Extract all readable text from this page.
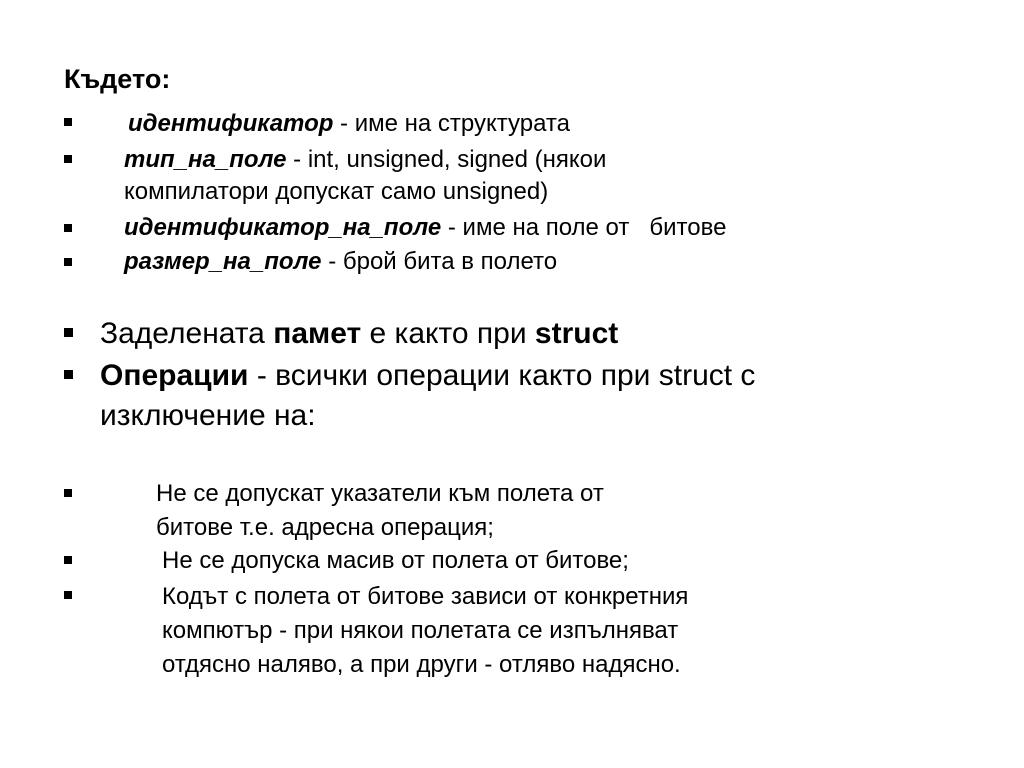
Където:
идентификатор - име на структурата
тип_на_поле - int, unsigned, signed (някои
компилатори допускат само unsigned)
идентификатор_на_поле - име на поле от   битове
размер_на_поле - брой бита в полето
Заделената памет е както при struct
Операции - всички операции както при struct с
изключение на:
Не се допускат указатели към полета от
битове т.е. адресна операция;
Не се допуска масив от полета от битове;
Кодът с полета от битове зависи от конкретния
компютър - при някои полетата се изпълняват
отдясно наляво, а при други - отляво надясно.
